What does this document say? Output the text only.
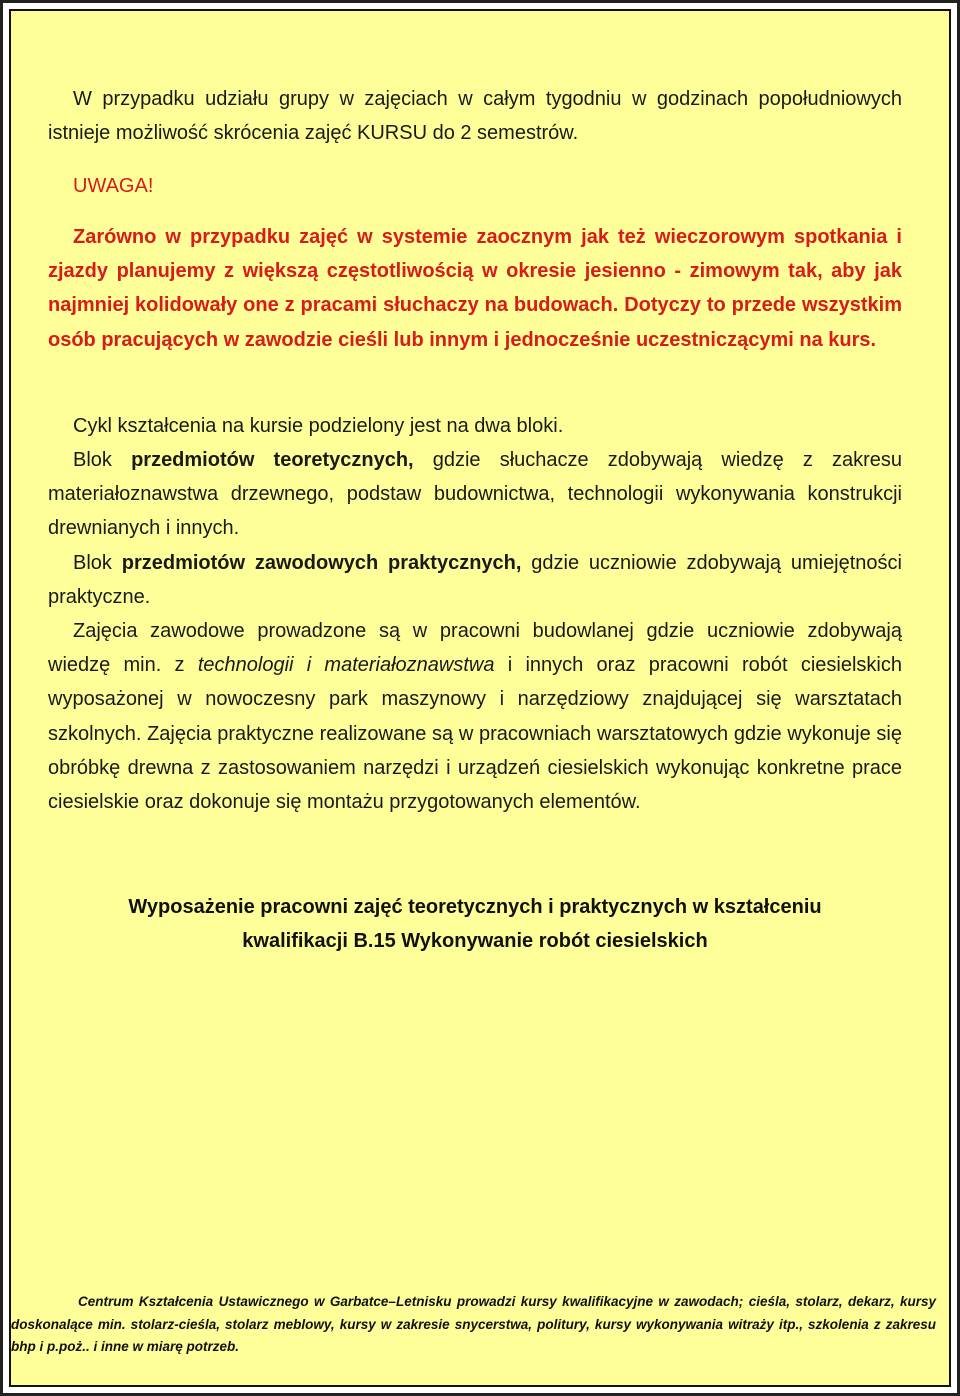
W przypadku udziału grupy w zajęciach w całym tygodniu w godzinach popołudniowych istnieje możliwość skrócenia zajęć KURSU do 2 semestrów.

UWAGA!

Zarówno w przypadku zajęć w systemie zaocznym jak też wieczorowym spotkania i zjazdy planujemy z większą częstotliwością w okresie jesienno - zimowym tak, aby jak najmniej kolidowały one z pracami słuchaczy na budowach. Dotyczy to przede wszystkim osób pracujących w zawodzie cieśli lub innym i jednocześnie uczestniczącymi na kurs.

Cykl kształcenia na kursie podzielony jest na dwa bloki.

Blok przedmiotów teoretycznych, gdzie słuchacze zdobywają wiedzę z zakresu materiałoznawstwa drzewnego, podstaw budownictwa, technologii wykonywania konstrukcji drewnianych i innych.

Blok przedmiotów zawodowych praktycznych, gdzie uczniowie zdobywają umiejętności praktyczne.

Zajęcia zawodowe prowadzone są w pracowni budowlanej gdzie uczniowie zdobywają wiedzę min. z technologii i materiałoznawstwa i innych oraz pracowni robót ciesielskich wyposażonej w nowoczesny park maszynowy i narzędziowy znajdującej się warsztatach szkolnych. Zajęcia praktyczne realizowane są w pracowniach warsztatowych gdzie wykonuje się obróbkę drewna z zastosowaniem narzędzi i urządzeń ciesielskich wykonując konkretne prace ciesielskie oraz dokonuje się montażu przygotowanych elementów.

Wyposażenie pracowni zajęć teoretycznych i praktycznych w kształceniu
kwalifikacji B.15 Wykonywanie robót ciesielskich

Centrum Kształcenia Ustawicznego w Garbatce–Letnisku prowadzi kursy kwalifikacyjne w zawodach; cieśla, stolarz, dekarz, kursy doskonalące min. stolarz-cieśla, stolarz meblowy, kursy w zakresie snycerstwa, politury, kursy wykonywania witraży itp., szkolenia z zakresu bhp i p.poż.. i inne w miarę potrzeb.
